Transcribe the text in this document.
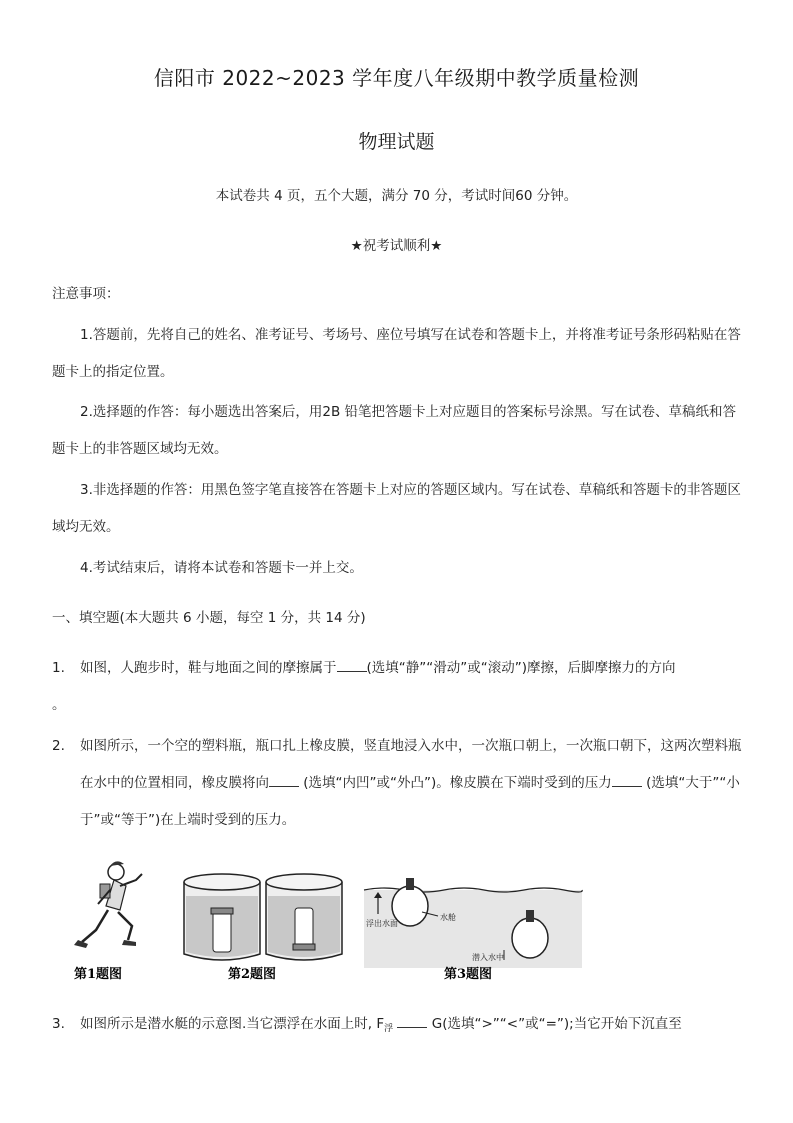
信阳市 2022~2023 学年度八年级期中教学质量检测
物理试题
本试卷共 4 页，五个大题，满分 70 分，考试时间60 分钟。
★祝考试顺利★
注意事项：
1.答题前，先将自己的姓名、准考证号、考场号、座位号填写在试卷和答题卡上，并将准考证号条形码粘贴在答题卡上的指定位置。
2.选择题的作答：每小题选出答案后，用2B 铅笔把答题卡上对应题目的答案标号涂黑。写在试卷、草稿纸和答题卡上的非答题区域均无效。
3.非选择题的作答：用黑色签字笔直接答在答题卡上对应的答题区域内。写在试卷、草稿纸和答题卡的非答题区域均无效。
4.考试结束后，请将本试卷和答题卡一并上交。
一、填空题(本大题共 6 小题，每空 1 分，共 14 分)
1. 如图，人跑步时，鞋与地面之间的摩擦属于 (选填“静”“滑动”或“滚动”)摩擦，后脚摩擦力的方向
。
2. 如图所示，一个空的塑料瓶，瓶口扎上橡皮膜，竖直地浸入水中，一次瓶口朝上，一次瓶口朝下，这两次塑料瓶在水中的位置相同，橡皮膜将向 (选填“内凹”或“外凸”)。橡皮膜在下端时受到的压力 (选填“大于”“小于”或“等于”)在上端时受到的压力。
浮出水面
水舱
潜入水中
第1题图	第2题图	第3题图
3. 如图所示是潜水艇的示意图.当它漂浮在水面上时, $F_浮$	G(选填“>”“<”或“=”);当它开始下沉直至
